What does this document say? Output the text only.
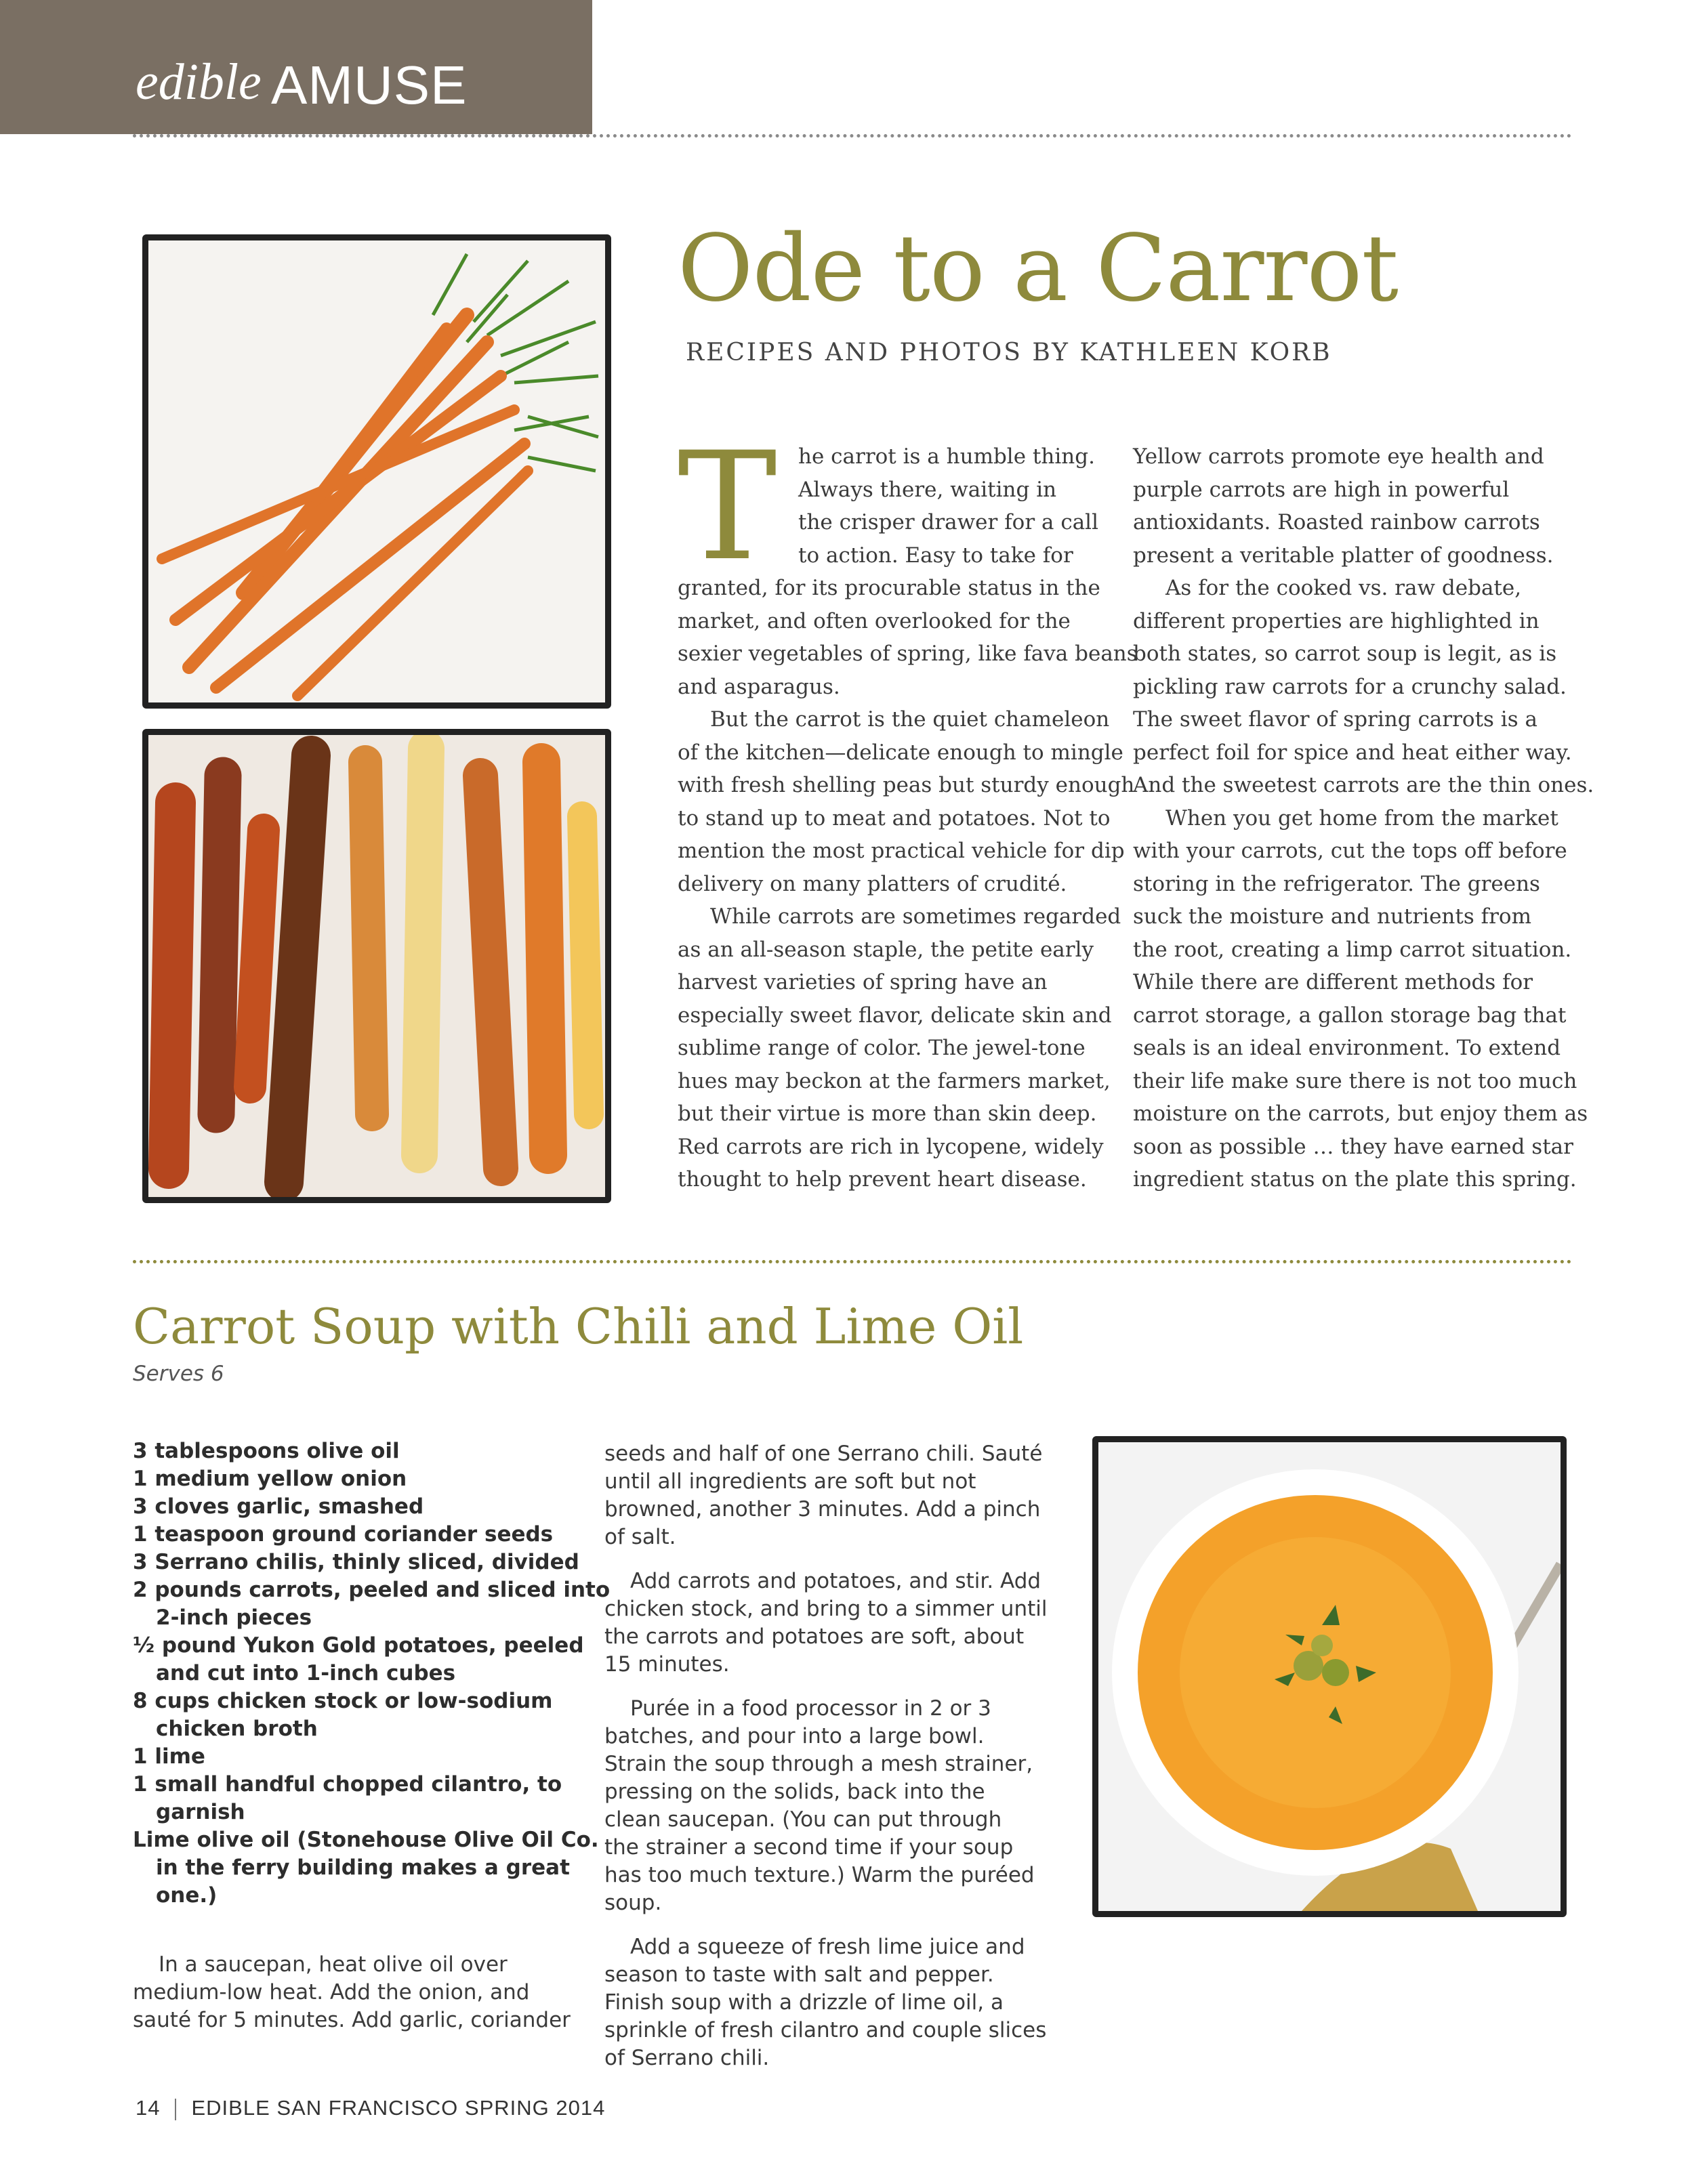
edible AMUSE
Ode to a Carrot
RECIPES AND PHOTOS BY KATHLEEN KORB
T	he carrot is a humble thing.
Always there, waiting in
the crisper drawer for a call
to action. Easy to take for
granted, for its procurable status in the
market, and often overlooked for the
sexier vegetables of spring, like fava beans
and asparagus.
But the carrot is the quiet chameleon
of the kitchen—delicate enough to mingle
with fresh shelling peas but sturdy enough
to stand up to meat and potatoes. Not to
mention the most practical vehicle for dip
delivery on many platters of crudité.
While carrots are sometimes regarded
as an all-season staple, the petite early
harvest varieties of spring have an
especially sweet flavor, delicate skin and
sublime range of color. The jewel-tone
hues may beckon at the farmers market,
but their virtue is more than skin deep.
Red carrots are rich in lycopene, widely
thought to help prevent heart disease.
Yellow carrots promote eye health and
purple carrots are high in powerful
antioxidants. Roasted rainbow carrots
present a veritable platter of goodness.
As for the cooked vs. raw debate,
different properties are highlighted in
both states, so carrot soup is legit, as is
pickling raw carrots for a crunchy salad.
The sweet flavor of spring carrots is a
perfect foil for spice and heat either way.
And the sweetest carrots are the thin ones.
When you get home from the market
with your carrots, cut the tops off before
storing in the refrigerator. The greens
suck the moisture and nutrients from
the root, creating a limp carrot situation.
While there are different methods for
carrot storage, a gallon storage bag that
seals is an ideal environment. To extend
their life make sure there is not too much
moisture on the carrots, but enjoy them as
soon as possible … they have earned star
ingredient status on the plate this spring.
Carrot Soup with Chili and Lime Oil
Serves 6
3 tablespoons olive oil
1 medium yellow onion
3 cloves garlic, smashed
1 teaspoon ground coriander seeds
3 Serrano chilis, thinly sliced, divided
2 pounds carrots, peeled and sliced into
2-inch pieces
½ pound Yukon Gold potatoes, peeled
and cut into 1-inch cubes
8 cups chicken stock or low-sodium
chicken broth
1 lime
1 small handful chopped cilantro, to
garnish
Lime olive oil (Stonehouse Olive Oil Co.
in the ferry building makes a great
one.)
In a saucepan, heat olive oil over
medium-low heat. Add the onion, and
sauté for 5 minutes. Add garlic, coriander
seeds and half of one Serrano chili. Sauté
until all ingredients are soft but not
browned, another 3 minutes. Add a pinch
of salt.
Add carrots and potatoes, and stir. Add
chicken stock, and bring to a simmer until
the carrots and potatoes are soft, about
15 minutes.
Purée in a food processor in 2 or 3
batches, and pour into a large bowl.
Strain the soup through a mesh strainer,
pressing on the solids, back into the
clean saucepan. (You can put through
the strainer a second time if your soup
has too much texture.) Warm the puréed
soup.
Add a squeeze of fresh lime juice and
season to taste with salt and pepper.
Finish soup with a drizzle of lime oil, a
sprinkle of fresh cilantro and couple slices
of Serrano chili.
14 EDIBLE SAN FRANCISCO SPRING 2014
